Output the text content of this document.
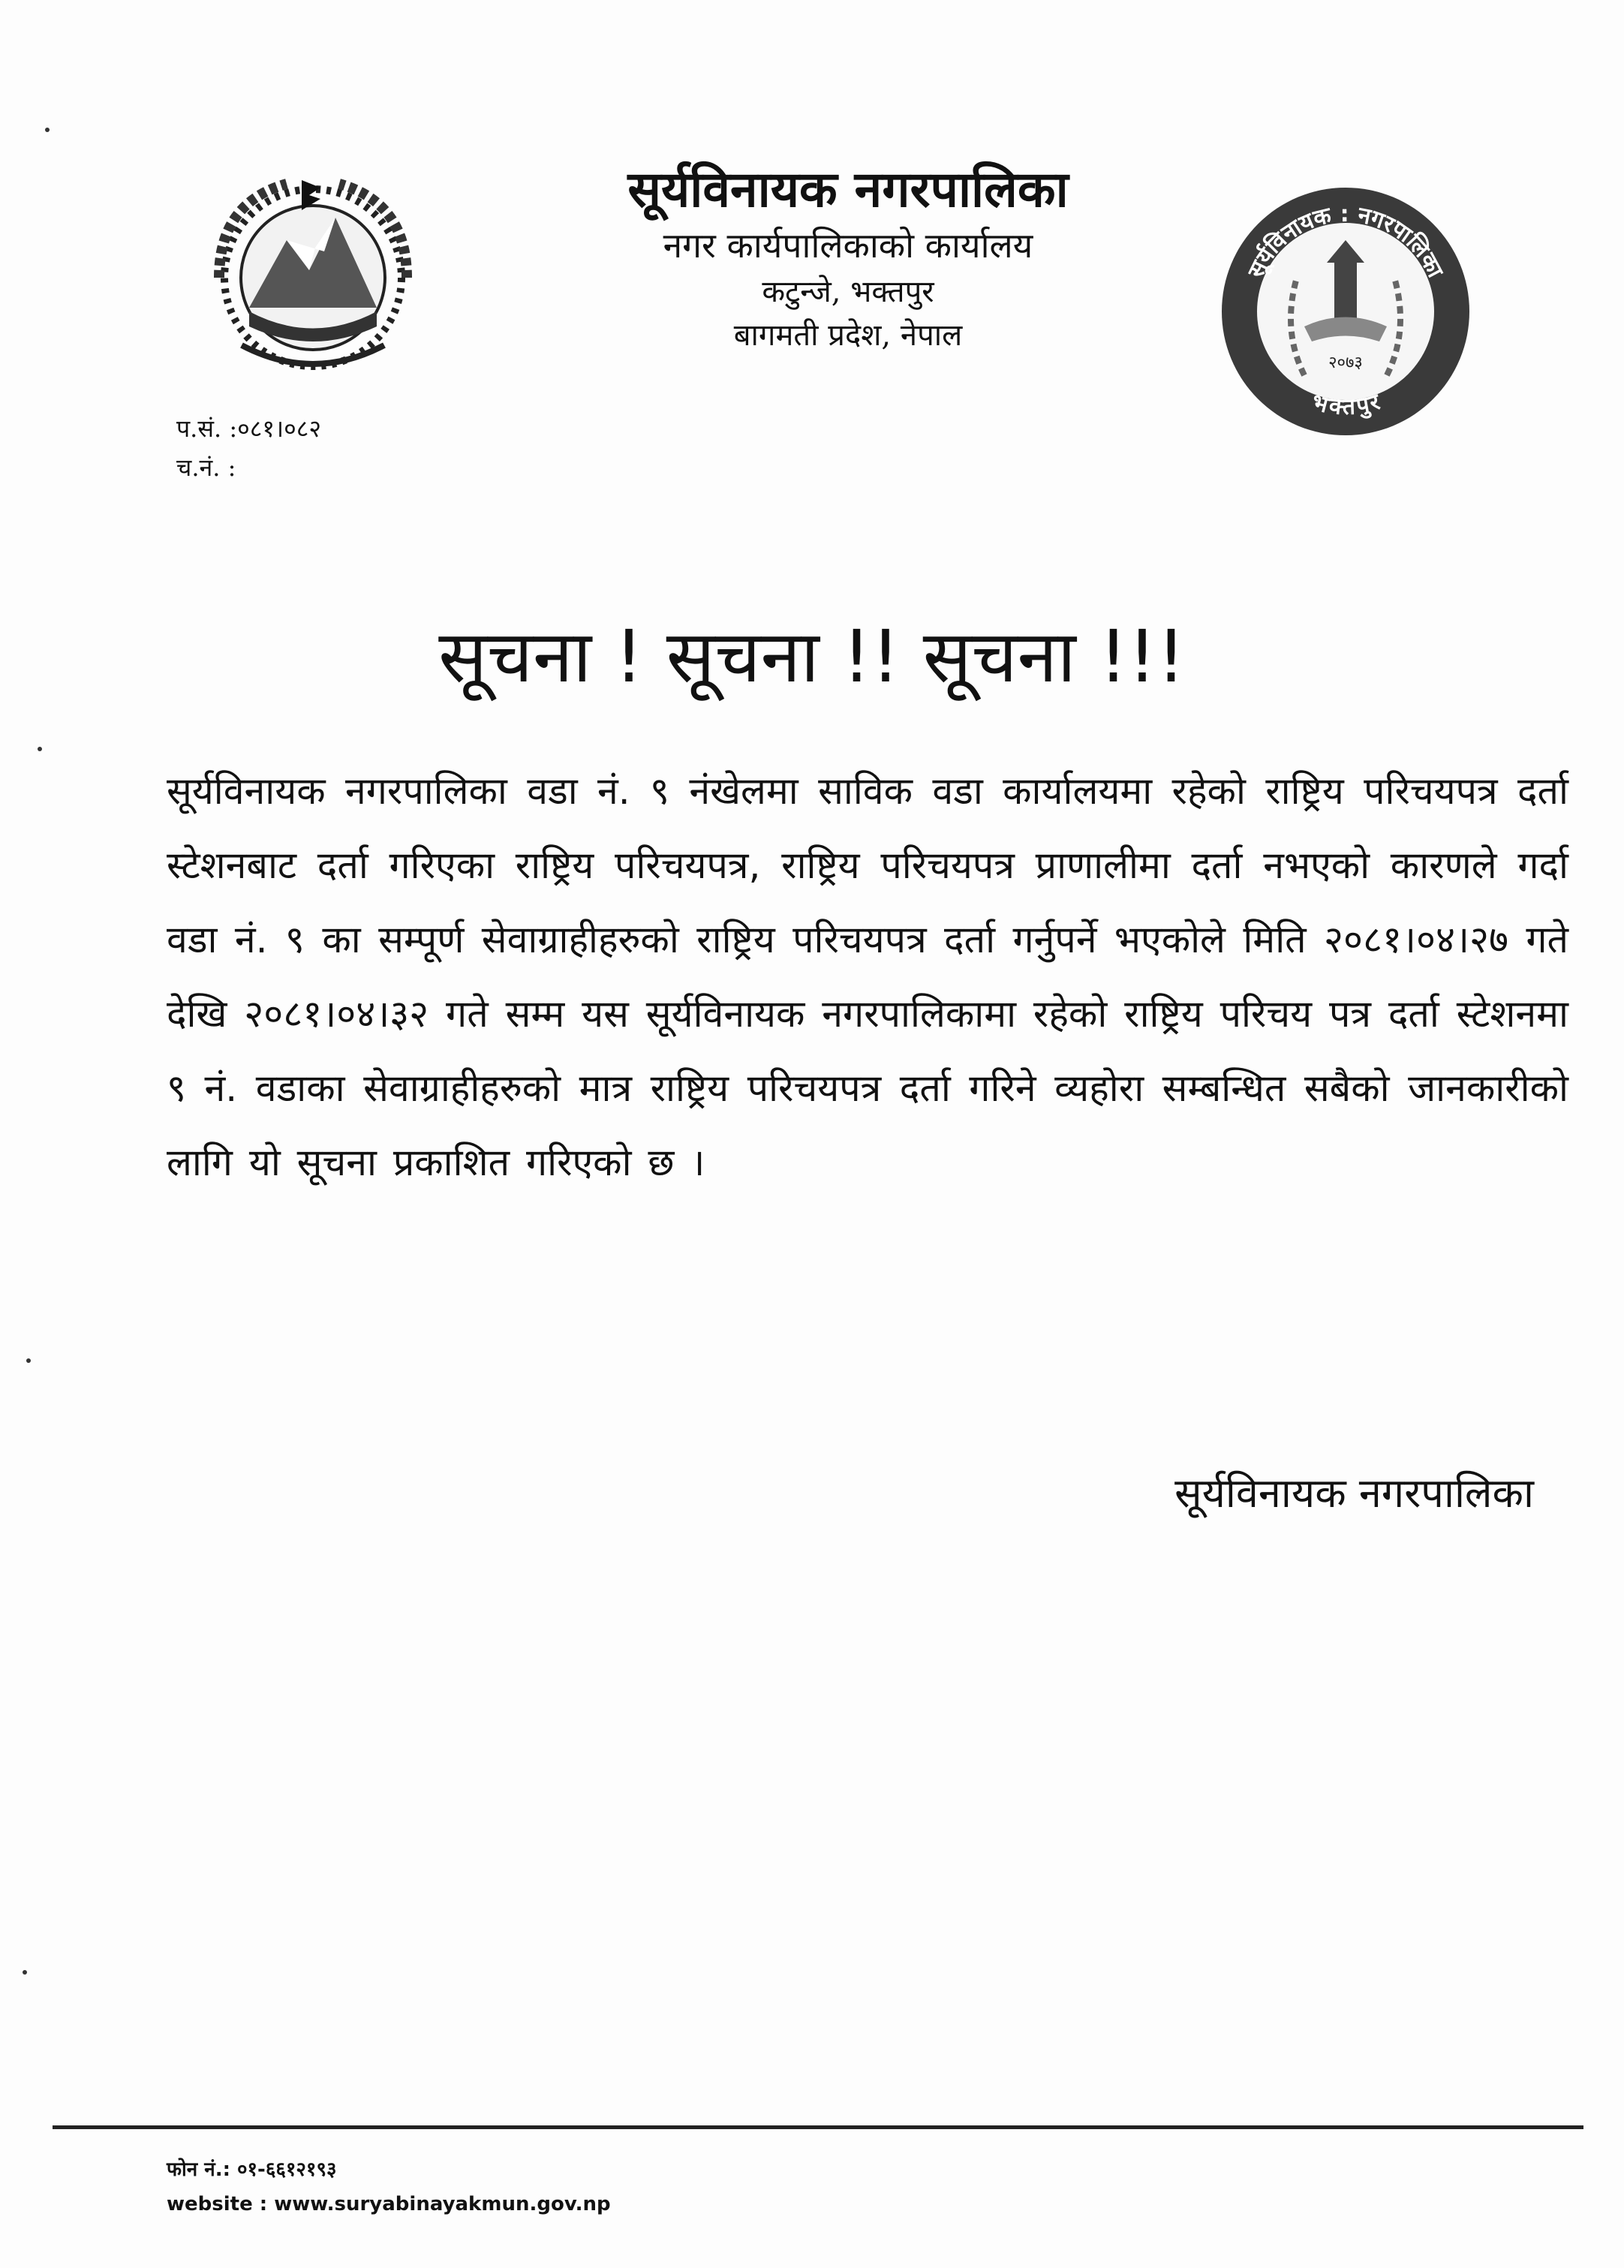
सूर्यविनायक नगरपालिका
नगर कार्यपालिकाको कार्यालय
कटुन्जे, भक्तपुर
बागमती प्रदेश, नेपाल
सूर्यविनायक : नगरपालिका
भक्तपुर
२०७३
प.सं. :०८१।०८२
च.नं. :
सूचना ! सूचना !! सूचना !!!
सूर्यविनायक नगरपालिका वडा नं. ९ नंखेलमा साविक वडा कार्यालयमा रहेको राष्ट्रिय परिचयपत्र दर्ता स्टेशनबाट दर्ता गरिएका राष्ट्रिय परिचयपत्र, राष्ट्रिय परिचयपत्र प्राणालीमा दर्ता नभएको कारणले गर्दा वडा नं. ९ का सम्पूर्ण सेवाग्राहीहरुको राष्ट्रिय परिचयपत्र दर्ता गर्नुपर्ने भएकोले मिति २०८१।०४।२७ गते देखि २०८१।०४।३२ गते सम्म यस सूर्यविनायक नगरपालिकामा रहेको राष्ट्रिय परिचय पत्र दर्ता स्टेशनमा ९ नं. वडाका सेवाग्राहीहरुको मात्र राष्ट्रिय परिचयपत्र दर्ता गरिने व्यहोरा सम्बन्धित सबैको जानकारीको लागि यो सूचना प्रकाशित गरिएको छ ।
सूर्यविनायक नगरपालिका
फोन नं.: ०१-६६१२१९३
website : www.suryabinayakmun.gov.np
